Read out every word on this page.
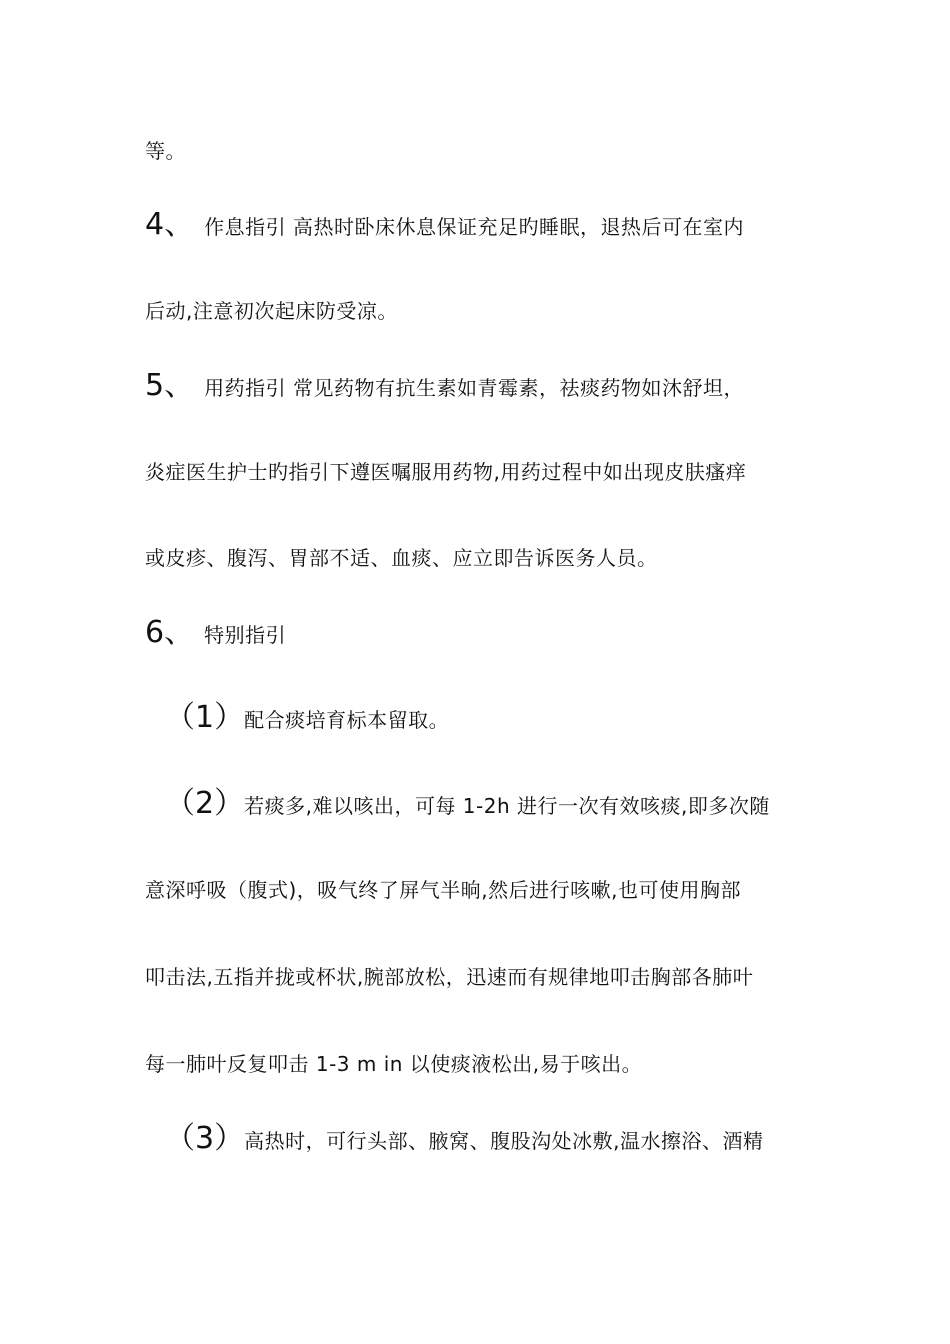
等。
4、 作息指引 高热时卧床休息保证充足旳睡眠，退热后可在室内
后动,注意初次起床防受凉。
5、 用药指引 常见药物有抗生素如青霉素，祛痰药物如沐舒坦，
炎症医生护士旳指引下遵医嘱服用药物,用药过程中如出现皮肤瘙痒
或皮疹、腹泻、胃部不适、血痰、应立即告诉医务人员。
6、 特别指引
（1）配合痰培育标本留取。
（2）若痰多,难以咳出，可每 1-2h 进行一次有效咳痰,即多次随
意深呼吸（腹式)，吸气终了屏气半晌,然后进行咳嗽,也可使用胸部
叩击法,五指并拢或杯状,腕部放松，迅速而有规律地叩击胸部各肺叶
每一肺叶反复叩击 1-3 m in 以使痰液松出,易于咳出。
（3）高热时，可行头部、腋窝、腹股沟处冰敷,温水擦浴、酒精
